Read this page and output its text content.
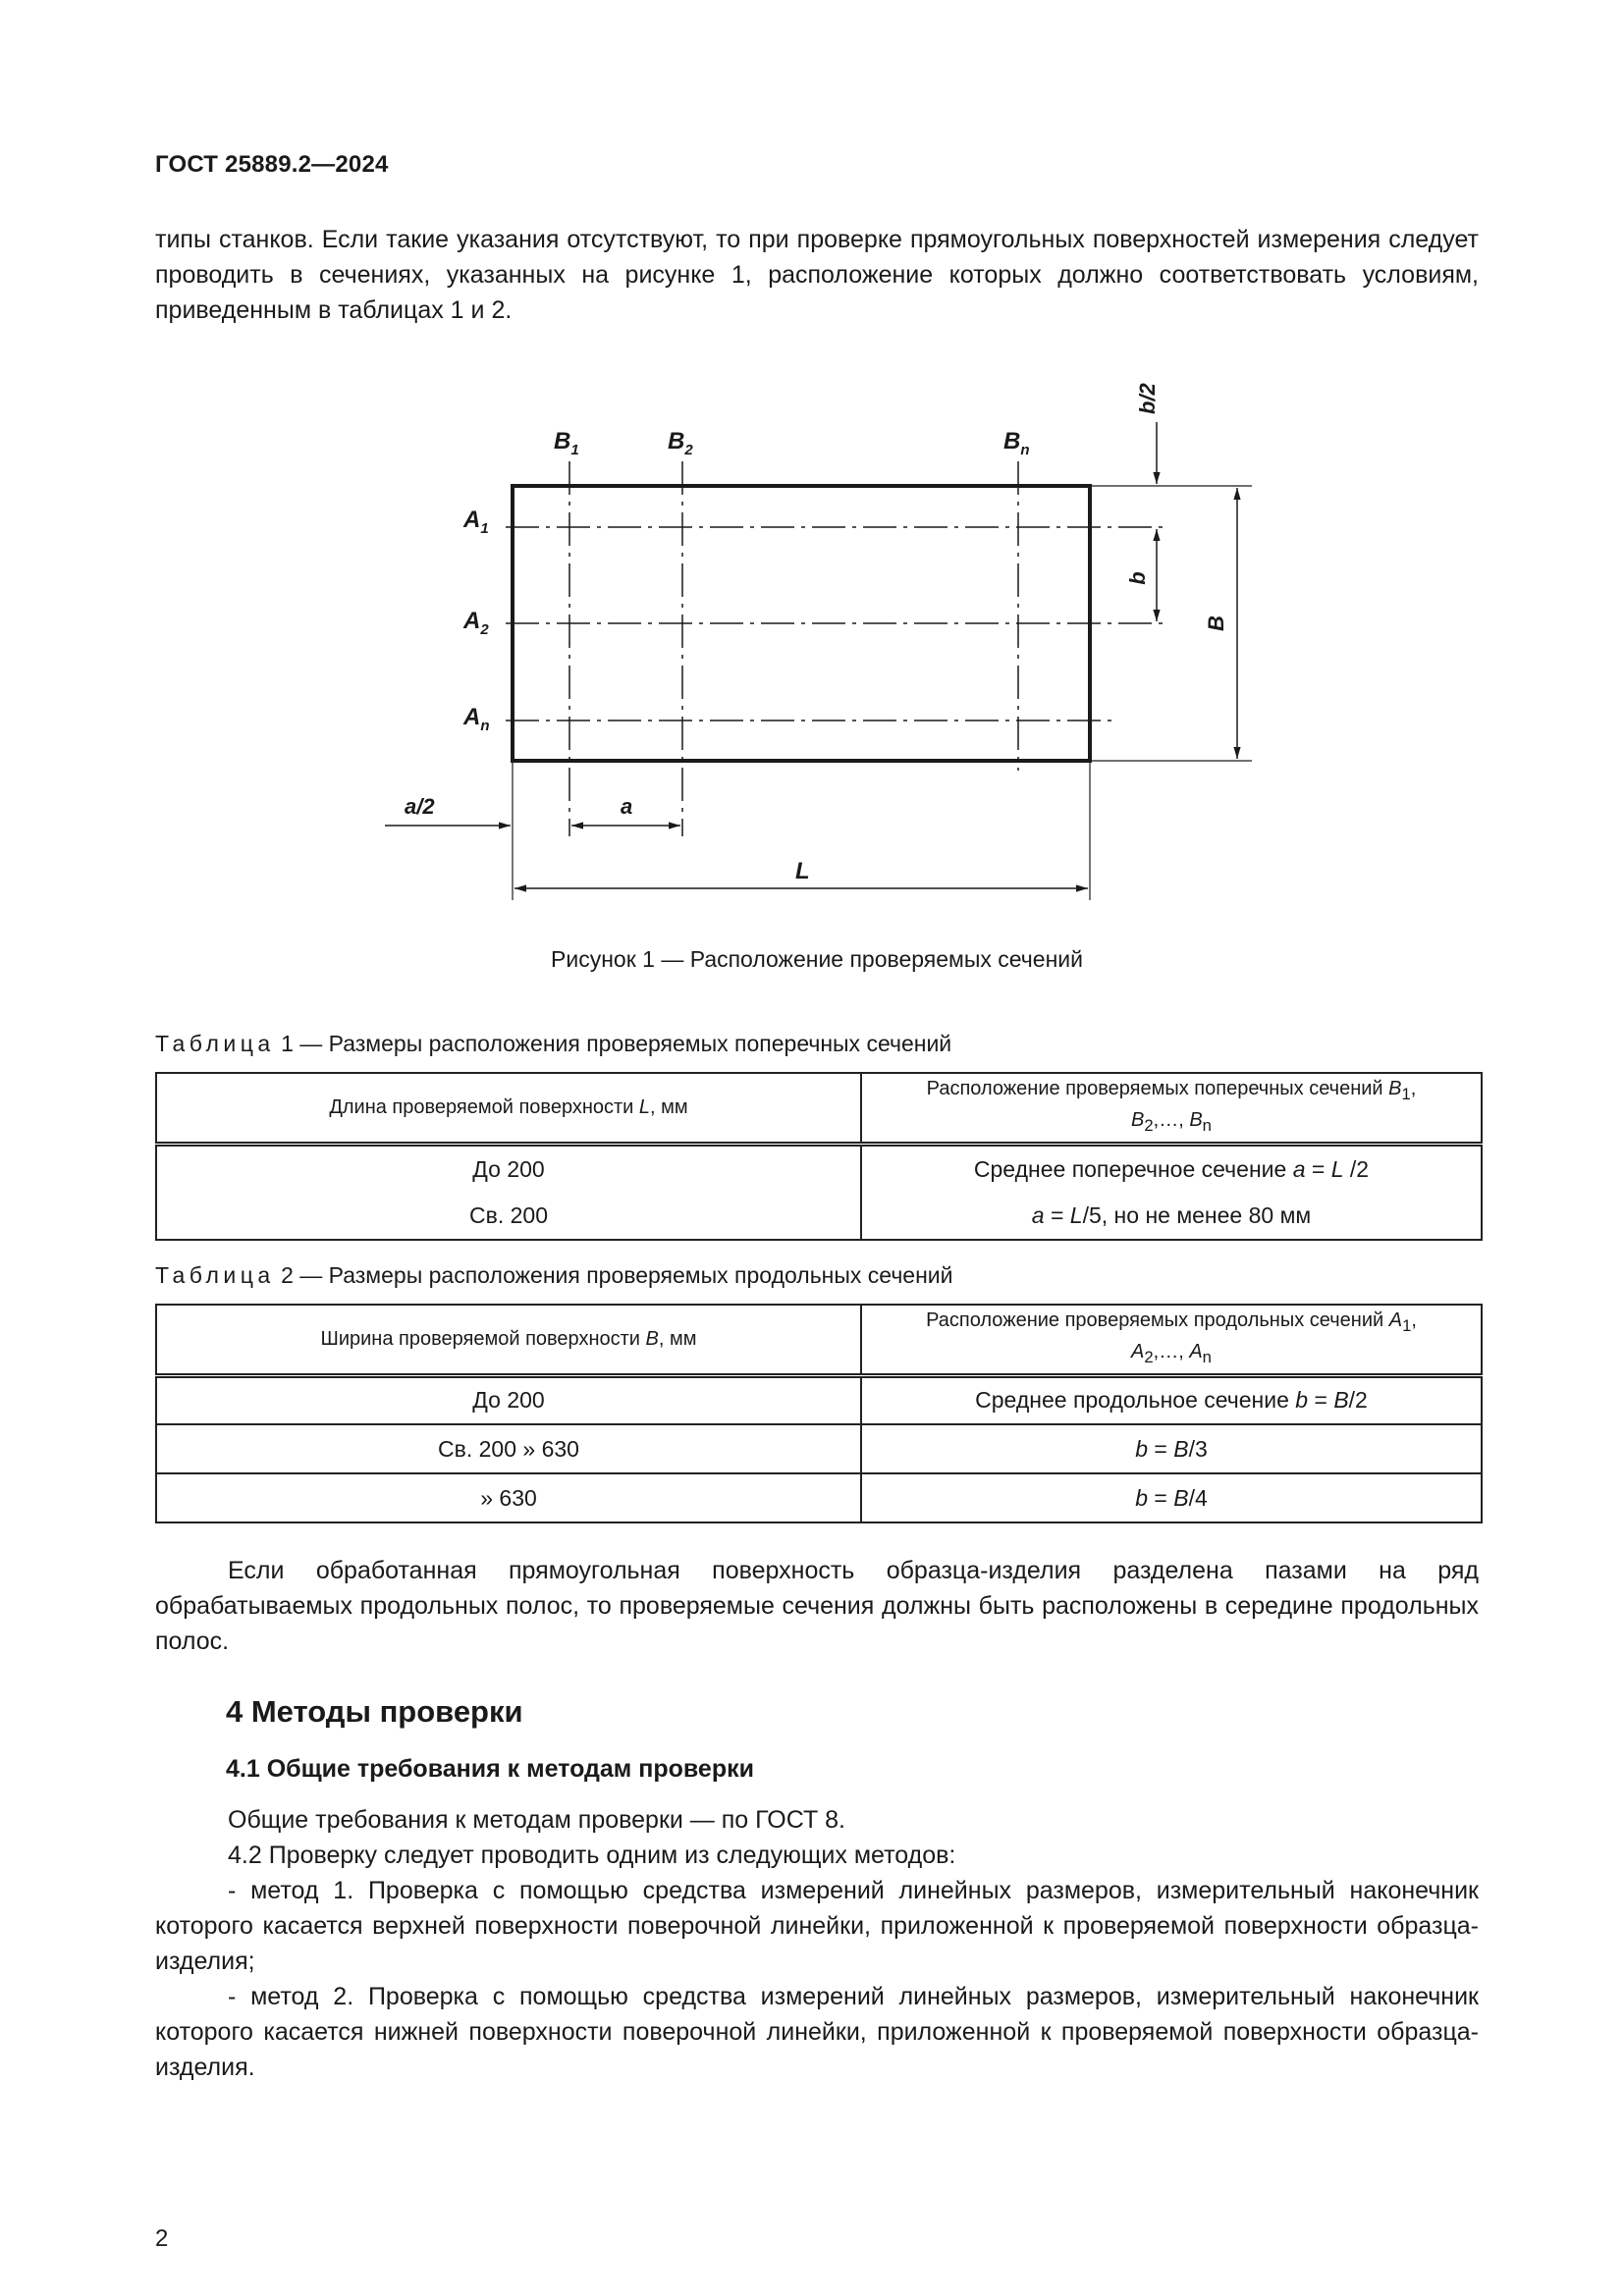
ГОСТ 25889.2—2024
типы станков. Если такие указания отсутствуют, то при проверке прямоугольных поверхностей измерения следует проводить в сечениях, указанных на рисунке 1, расположение которых должно соответствовать условиям, приведенным в таблицах 1 и 2.
b/2
b
B
$B_1$	$B_2$	$B_n$
$A_1$
$A_2$
$A_n$
a/2	a
L
Рисунок 1 — Расположение проверяемых сечений
Таблица 1 — Размеры расположения проверяемых поперечных сечений
Длина проверяемой поверхности L, мм	Расположение проверяемых поперечных сечений $B_1$,
$B_2,\dots$, $B_n$
До 200	Среднее поперечное сечение a = L /2
Св. 200	a = L/5, но не менее 80 мм
Таблица 2 — Размеры расположения проверяемых продольных сечений
Ширина проверяемой поверхности B, мм	Расположение проверяемых продольных сечений $A_1$,
$A_2,\dots$, $A_n$
До 200	Среднее продольное сечение b = B/2
Св. 200 » 630	b = B/3
» 630	b = B/4
Если обработанная прямоугольная поверхность образца-изделия разделена пазами на ряд обрабатываемых продольных полос, то проверяемые сечения должны быть расположены в середине продольных полос.
4 Методы проверки
4.1 Общие требования к методам проверки
Общие требования к методам проверки — по ГОСТ 8.
4.2 Проверку следует проводить одним из следующих методов:
- метод 1. Проверка с помощью средства измерений линейных размеров, измерительный наконечник которого касается верхней поверхности поверочной линейки, приложенной к проверяемой поверхности образца-изделия;
- метод 2. Проверка с помощью средства измерений линейных размеров, измерительный наконечник которого касается нижней поверхности поверочной линейки, приложенной к проверяемой поверхности образца-изделия.
2
